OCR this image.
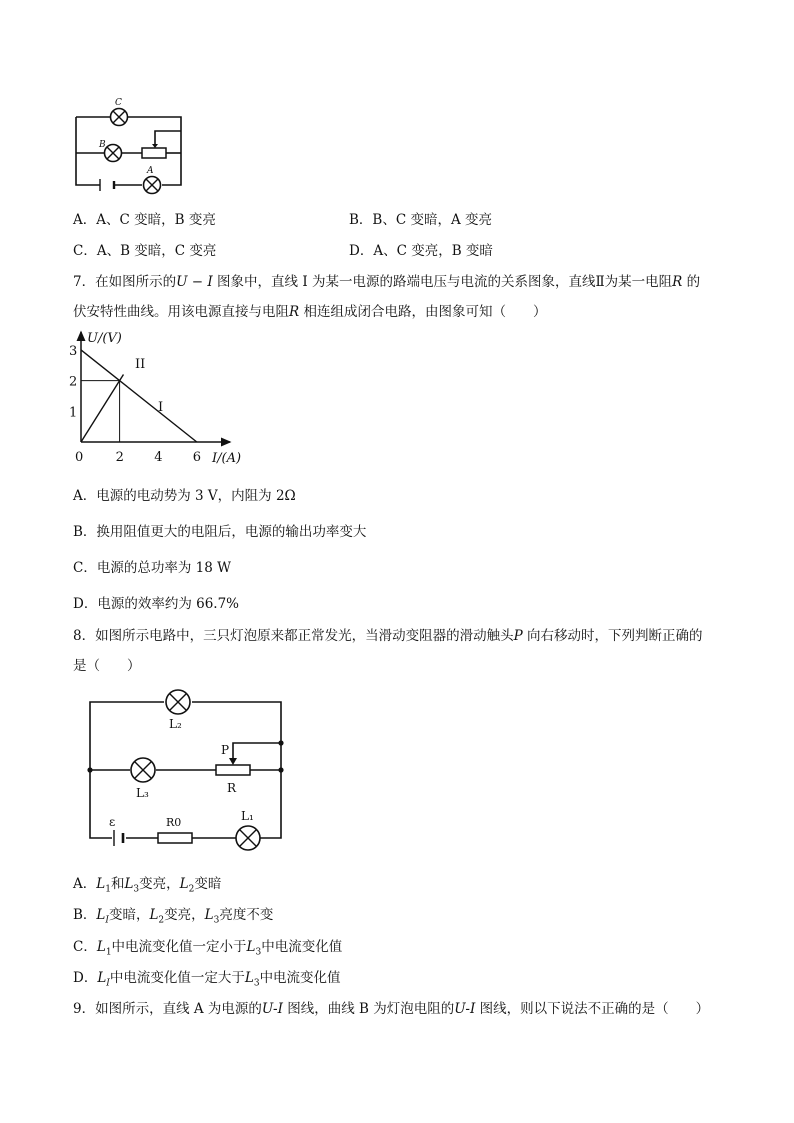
C
B
A
A．A、C 变暗，B 变亮	B．B、C 变暗，A 变亮
C．A、B 变暗，C 变亮	D．A、C 变亮，B 变暗
7．在如图所示的U − I 图象中，直线 I 为某一电源的路端电压与电流的关系图象，直线Ⅱ为某一电阻R 的
伏安特性曲线。用该电源直接与电阻R 相连组成闭合电路，由图象可知（　　）
0 2 4 6
1
2
3
U/(V)
I/(A)
II
I
A．电源的电动势为 3 V，内阻为 2Ω
B．换用阻值更大的电阻后，电源的输出功率变大
C．电源的总功率为 18 W
D．电源的效率约为 66.7%
8．如图所示电路中，三只灯泡原来都正常发光，当滑动变阻器的滑动触头P 向右移动时，下列判断正确的
是（　　）
L₂
L₃
P
R
ε	R0	L₁
A．$L_1$和$L_3$变亮，$L_2$变暗
B．$L_I$变暗，$L_2$变亮，$L_3$亮度不变
C．$L_1$中电流变化值一定小于$L_3$中电流变化值
D．$L_I$中电流变化值一定大于$L_3$中电流变化值
9．如图所示，直线 A 为电源的U-I 图线，曲线 B 为灯泡电阻的U-I 图线，则以下说法不正确的是（　　）
